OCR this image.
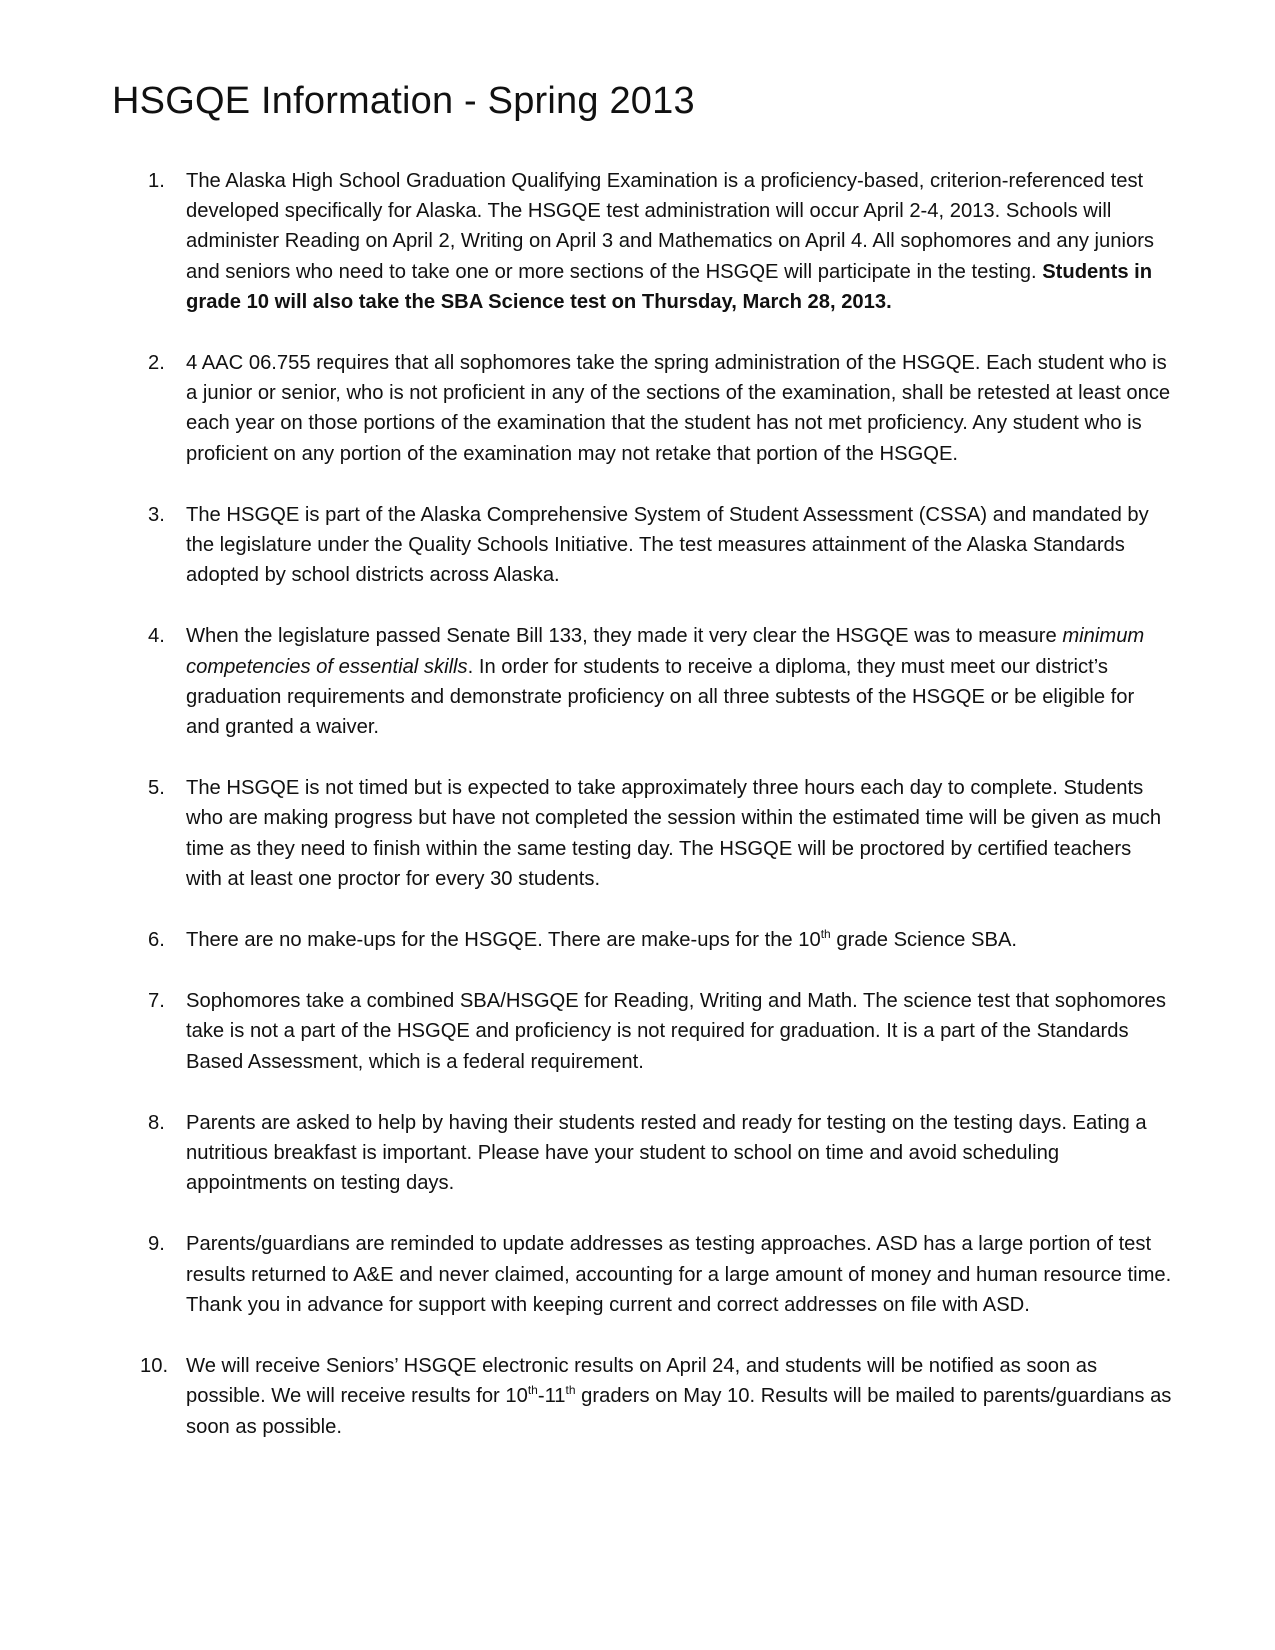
HSGQE Information - Spring 2013
1.	The Alaska High School Graduation Qualifying Examination is a proficiency-based, criterion-referenced test developed specifically for Alaska. The HSGQE test administration will occur April 2-4, 2013. Schools will administer Reading on April 2, Writing on April 3 and Mathematics on April 4. All sophomores and any juniors and seniors who need to take one or more sections of the HSGQE will participate in the testing. Students in grade 10 will also take the SBA Science test on Thursday, March 28, 2013.
2.	4 AAC 06.755 requires that all sophomores take the spring administration of the HSGQE. Each student who is a junior or senior, who is not proficient in any of the sections of the examination, shall be retested at least once each year on those portions of the examination that the student has not met proficiency. Any student who is proficient on any portion of the examination may not retake that portion of the HSGQE.
3.	The HSGQE is part of the Alaska Comprehensive System of Student Assessment (CSSA) and mandated by the legislature under the Quality Schools Initiative. The test measures attainment of the Alaska Standards adopted by school districts across Alaska.
4.	When the legislature passed Senate Bill 133, they made it very clear the HSGQE was to measure minimum competencies of essential skills. In order for students to receive a diploma, they must meet our district’s graduation requirements and demonstrate proficiency on all three subtests of the HSGQE or be eligible for and granted a waiver.
5.	The HSGQE is not timed but is expected to take approximately three hours each day to complete. Students who are making progress but have not completed the session within the estimated time will be given as much time as they need to finish within the same testing day. The HSGQE will be proctored by certified teachers with at least one proctor for every 30 students.
6.	There are no make-ups for the HSGQE. There are make-ups for the 10th grade Science SBA.
7.	Sophomores take a combined SBA/HSGQE for Reading, Writing and Math. The science test that sophomores take is not a part of the HSGQE and proficiency is not required for graduation. It is a part of the Standards Based Assessment, which is a federal requirement.
8.	Parents are asked to help by having their students rested and ready for testing on the testing days. Eating a nutritious breakfast is important. Please have your student to school on time and avoid scheduling appointments on testing days.
9.	Parents/guardians are reminded to update addresses as testing approaches. ASD has a large portion of test results returned to A&E and never claimed, accounting for a large amount of money and human resource time. Thank you in advance for support with keeping current and correct addresses on file with ASD.
10. We will receive Seniors’ HSGQE electronic results on April 24, and students will be notified as soon as possible. We will receive results for 10th-11th graders on May 10. Results will be mailed to parents/guardians as soon as possible.
